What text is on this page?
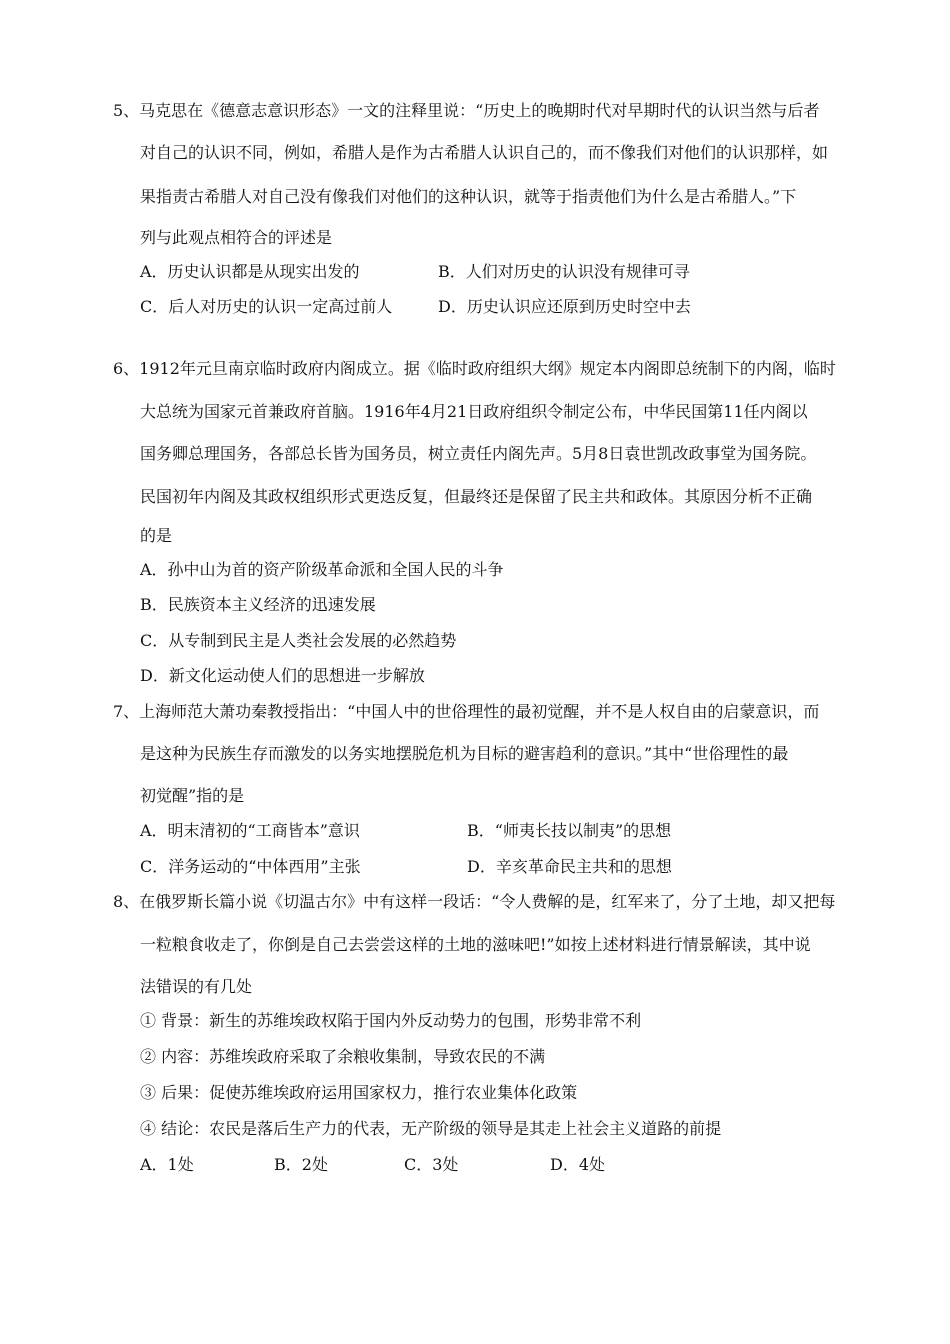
5、马克思在《德意志意识形态》一文的注释里说：“历史上的晚期时代对早期时代的认识当然与后者
对自己的认识不同，例如，希腊人是作为古希腊人认识自己的，而不像我们对他们的认识那样，如
果指责古希腊人对自己没有像我们对他们的这种认识，就等于指责他们为什么是古希腊人。”下
列与此观点相符合的评述是
A．历史认识都是从现实出发的	B．人们对历史的认识没有规律可寻
C．后人对历史的认识一定高过前人	D．历史认识应还原到历史时空中去
6、1912年元旦南京临时政府内阁成立。据《临时政府组织大纲》规定本内阁即总统制下的内阁，临时
大总统为国家元首兼政府首脑。1916年4月21日政府组织令制定公布，中华民国第11任内阁以
国务卿总理国务，各部总长皆为国务员，树立责任内阁先声。5月8日袁世凯改政事堂为国务院。
民国初年内阁及其政权组织形式更迭反复，但最终还是保留了民主共和政体。其原因分析不正确
的是
A．孙中山为首的资产阶级革命派和全国人民的斗争
B．民族资本主义经济的迅速发展
C．从专制到民主是人类社会发展的必然趋势
D．新文化运动使人们的思想进一步解放
7、上海师范大萧功秦教授指出：“中国人中的世俗理性的最初觉醒，并不是人权自由的启蒙意识，而
是这种为民族生存而激发的以务实地摆脱危机为目标的避害趋利的意识。”其中“世俗理性的最
初觉醒”指的是
A．明末清初的“工商皆本”意识	B．“师夷长技以制夷”的思想
C．洋务运动的“中体西用”主张	D．辛亥革命民主共和的思想
8、在俄罗斯长篇小说《切温古尔》中有这样一段话：“令人费解的是，红军来了，分了土地，却又把每
一粒粮食收走了，你倒是自己去尝尝这样的土地的滋味吧!”如按上述材料进行情景解读，其中说
法错误的有几处
① 背景：新生的苏维埃政权陷于国内外反动势力的包围，形势非常不利
② 内容：苏维埃政府采取了余粮收集制，导致农民的不满
③ 后果：促使苏维埃政府运用国家权力，推行农业集体化政策
④ 结论：农民是落后生产力的代表，无产阶级的领导是其走上社会主义道路的前提
A．1处	B．2处	C．3处	D．4处
